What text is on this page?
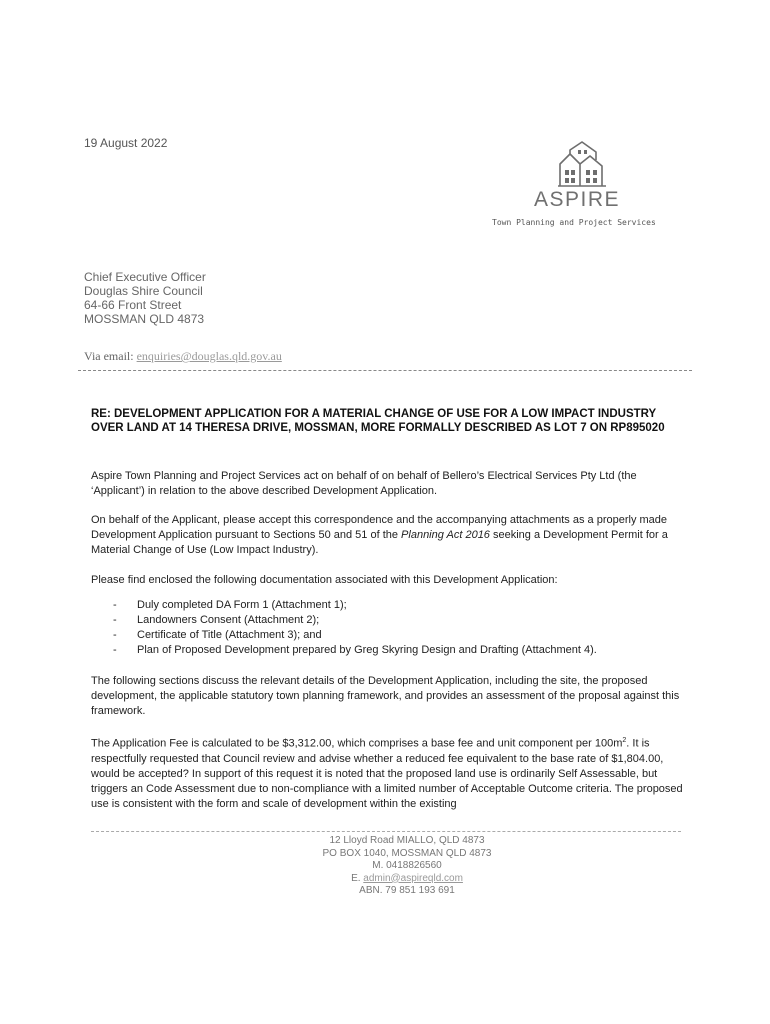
19 August 2022
ASPIRE
Town Planning and Project Services
Chief Executive Officer
Douglas Shire Council
64-66 Front Street
MOSSMAN QLD 4873
Via email: enquiries@douglas.qld.gov.au
RE: DEVELOPMENT APPLICATION FOR A MATERIAL CHANGE OF USE FOR A LOW IMPACT INDUSTRY OVER LAND AT 14 THERESA DRIVE, MOSSMAN, MORE FORMALLY DESCRIBED AS LOT 7 ON RP895020
Aspire Town Planning and Project Services act on behalf of on behalf of Bellero’s Electrical Services Pty Ltd (the ‘Applicant’) in relation to the above described Development Application.
On behalf of the Applicant, please accept this correspondence and the accompanying attachments as a properly made Development Application pursuant to Sections 50 and 51 of the Planning Act 2016 seeking a Development Permit for a Material Change of Use (Low Impact Industry).
Please find enclosed the following documentation associated with this Development Application:
- Duly completed DA Form 1 (Attachment 1);
- Landowners Consent (Attachment 2);
- Certificate of Title (Attachment 3); and
- Plan of Proposed Development prepared by Greg Skyring Design and Drafting (Attachment 4).
The following sections discuss the relevant details of the Development Application, including the site, the proposed development, the applicable statutory town planning framework, and provides an assessment of the proposal against this framework.
The Application Fee is calculated to be $3,312.00, which comprises a base fee and unit component per $100m^2$. It is respectfully requested that Council review and advise whether a reduced fee equivalent to the base rate of $1,804.00, would be accepted? In support of this request it is noted that the proposed land use is ordinarily Self Assessable, but triggers an Code Assessment due to non-compliance with a limited number of Acceptable Outcome criteria. The proposed use is consistent with the form and scale of development within the existing
12 Lloyd Road MIALLO, QLD 4873
PO BOX 1040, MOSSMAN QLD 4873
M. 0418826560
E. admin@aspireqld.com
ABN. 79 851 193 691
